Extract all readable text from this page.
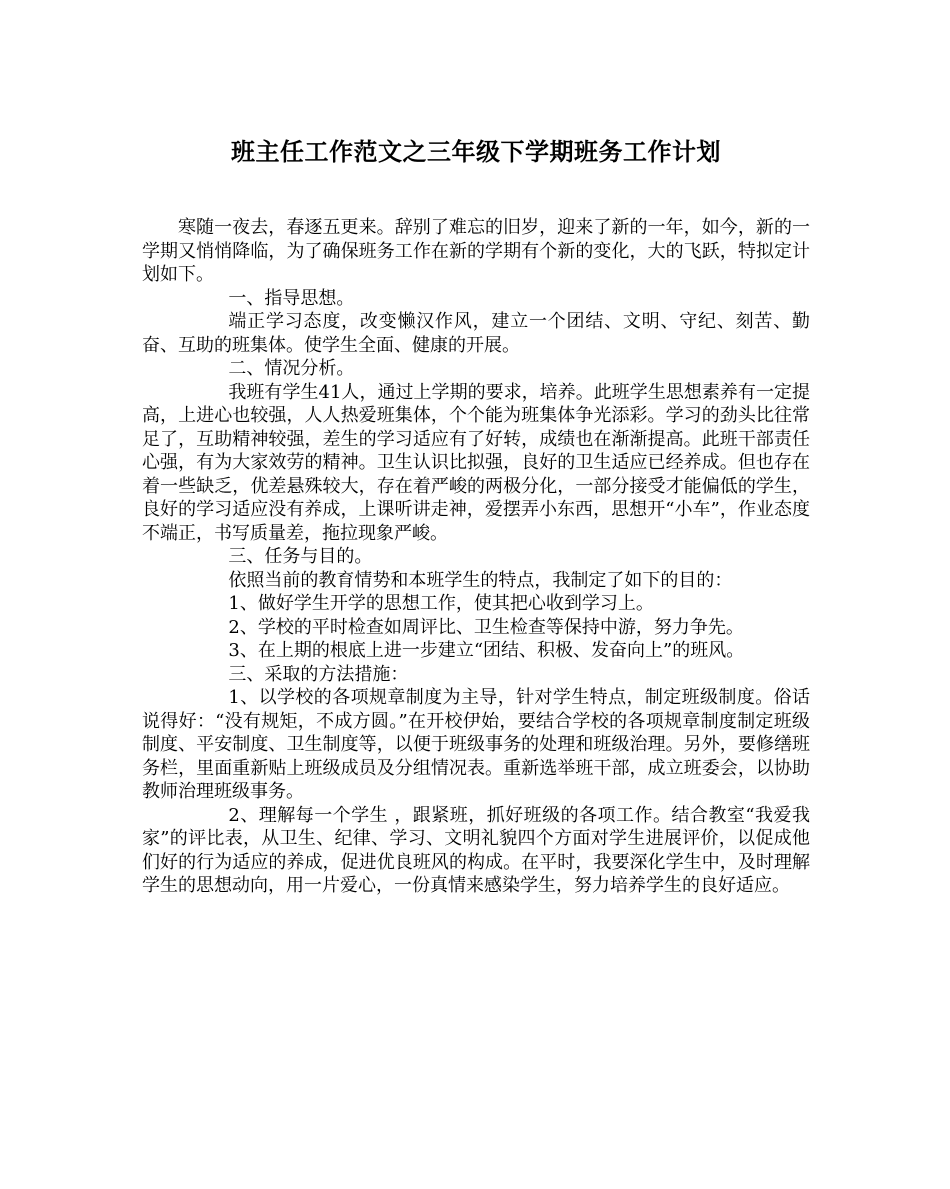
班主任工作范文之三年级下学期班务工作计划

寒随一夜去，春逐五更来。辞别了难忘的旧岁，迎来了新的一年，如今，新的一学期又悄悄降临，为了确保班务工作在新的学期有个新的变化，大的飞跃，特拟定计划如下。

一、指导思想。

端正学习态度，改变懒汉作风，建立一个团结、文明、守纪、刻苦、勤奋、互助的班集体。使学生全面、健康的开展。

二、情况分析。

我班有学生41人，通过上学期的要求，培养。此班学生思想素养有一定提高，上进心也较强，人人热爱班集体，个个能为班集体争光添彩。学习的劲头比往常足了，互助精神较强，差生的学习适应有了好转，成绩也在渐渐提高。此班干部责任心强，有为大家效劳的精神。卫生认识比拟强，良好的卫生适应已经养成。但也存在着一些缺乏，优差悬殊较大，存在着严峻的两极分化，一部分接受才能偏低的学生，良好的学习适应没有养成，上课听讲走神，爱摆弄小东西，思想开“小车”，作业态度不端正，书写质量差，拖拉现象严峻。

三、任务与目的。

依照当前的教育情势和本班学生的特点，我制定了如下的目的：

1、做好学生开学的思想工作，使其把心收到学习上。

2、学校的平时检查如周评比、卫生检查等保持中游，努力争先。

3、在上期的根底上进一步建立“团结、积极、发奋向上”的班风。

三、采取的方法措施：

1、以学校的各项规章制度为主导，针对学生特点，制定班级制度。俗话说得好：“没有规矩，不成方圆。”在开校伊始，要结合学校的各项规章制度制定班级制度、平安制度、卫生制度等，以便于班级事务的处理和班级治理。另外，要修缮班务栏，里面重新贴上班级成员及分组情况表。重新选举班干部，成立班委会，以协助教师治理班级事务。

2、理解每一个学生 ，跟紧班，抓好班级的各项工作。结合教室“我爱我家”的评比表，从卫生、纪律、学习、文明礼貌四个方面对学生进展评价，以促成他们好的行为适应的养成，促进优良班风的构成。在平时，我要深化学生中，及时理解学生的思想动向，用一片爱心，一份真情来感染学生，努力培养学生的良好适应。
